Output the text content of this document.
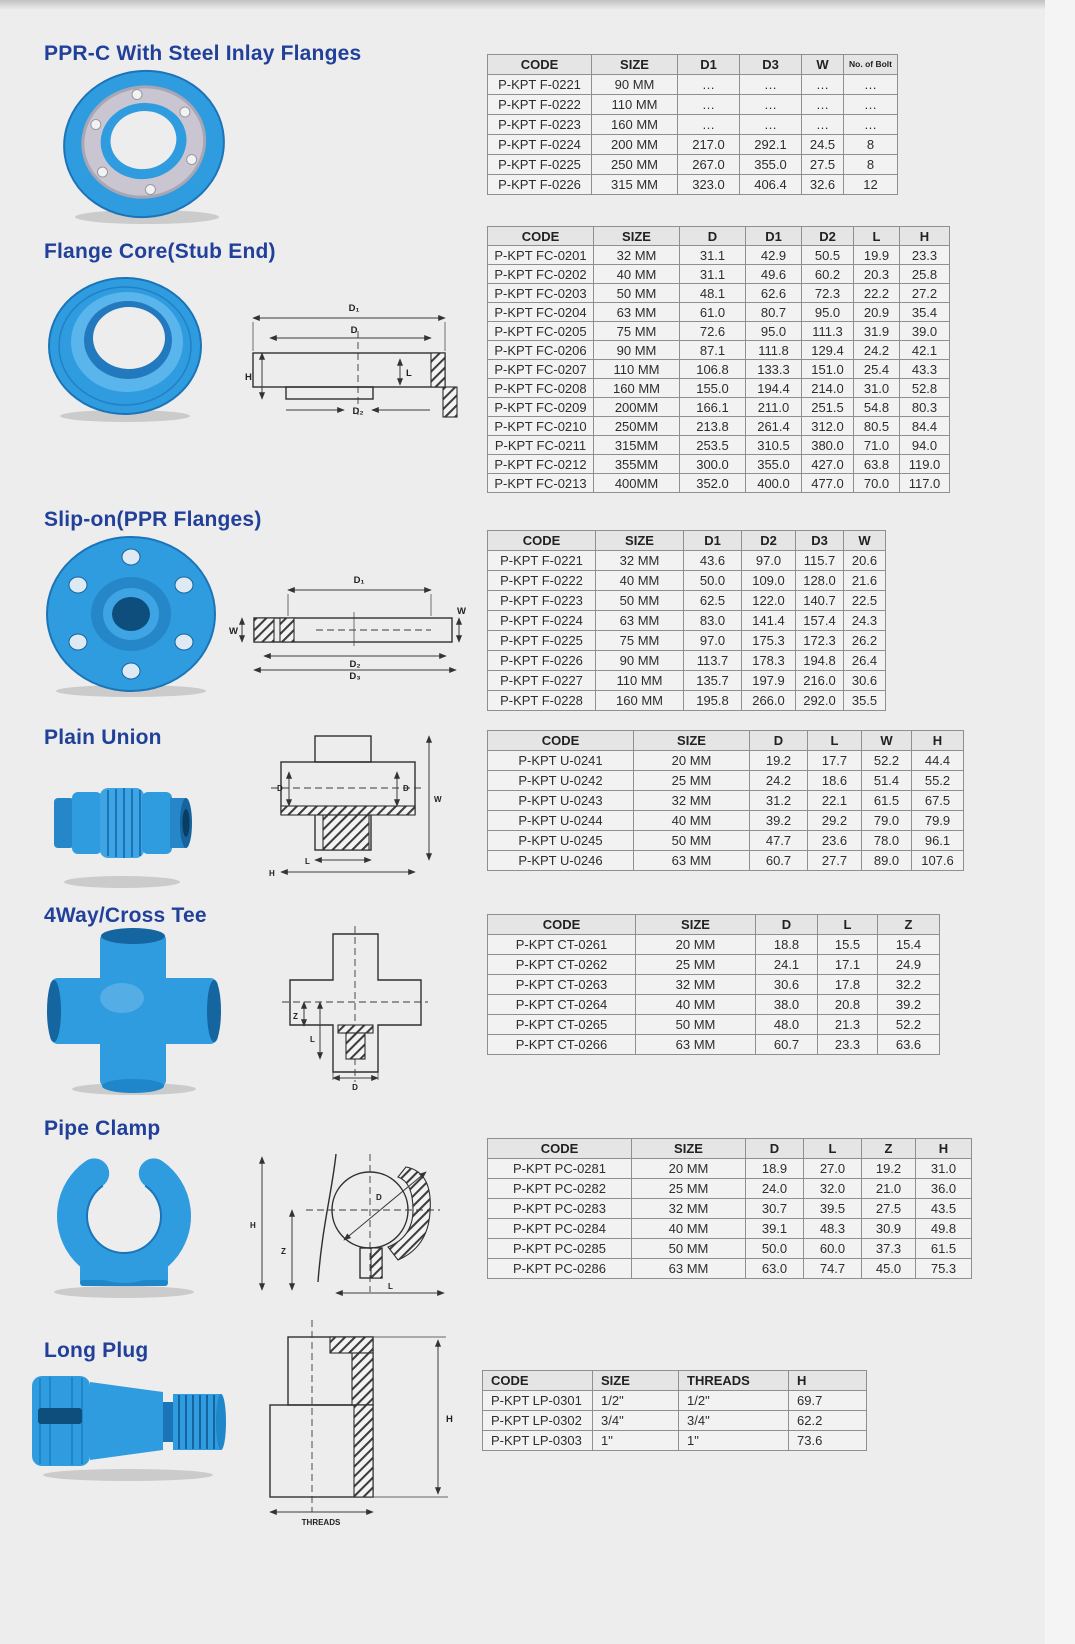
PPR-C With Steel Inlay Flanges	CODE	SIZE	D1	D3	W	No. of Bolt
P-KPT F-0221	90 MM	…	…	…	…
P-KPT F-0222	110 MM	…	…	…	…
P-KPT F-0223	160 MM	…	…	…	…
P-KPT F-0224	200 MM	217.0	292.1	24.5	8
P-KPT F-0225	250 MM	267.0	355.0	27.5	8
P-KPT F-0226	315 MM	323.0	406.4	32.6	12
Flange Core(Stub End)
D₁
D
H	L
D₂
CODE	SIZE	D	D1	D2	L	H
P-KPT FC-0201	32 MM	31.1	42.9	50.5	19.9	23.3
P-KPT FC-0202	40 MM	31.1	49.6	60.2	20.3	25.8
P-KPT FC-0203	50 MM	48.1	62.6	72.3	22.2	27.2
P-KPT FC-0204	63 MM	61.0	80.7	95.0	20.9	35.4
P-KPT FC-0205	75 MM	72.6	95.0	111.3	31.9	39.0
P-KPT FC-0206	90 MM	87.1	111.8	129.4	24.2	42.1
P-KPT FC-0207	110 MM	106.8	133.3	151.0	25.4	43.3
P-KPT FC-0208	160 MM	155.0	194.4	214.0	31.0	52.8
P-KPT FC-0209	200MM	166.1	211.0	251.5	54.8	80.3
P-KPT FC-0210	250MM	213.8	261.4	312.0	80.5	84.4
P-KPT FC-0211	315MM	253.5	310.5	380.0	71.0	94.0
P-KPT FC-0212	355MM	300.0	355.0	427.0	63.8	119.0
P-KPT FC-0213	400MM	352.0	400.0	477.0	70.0	117.0
Slip-on(PPR Flanges)
D₁
W
W
D₂
D₃
CODE	SIZE	D1	D2	D3	W
P-KPT F-0221	32 MM	43.6	97.0	115.7	20.6
P-KPT F-0222	40 MM	50.0	109.0	128.0	21.6
P-KPT F-0223	50 MM	62.5	122.0	140.7	22.5
P-KPT F-0224	63 MM	83.0	141.4	157.4	24.3
P-KPT F-0225	75 MM	97.0	175.3	172.3	26.2
P-KPT F-0226	90 MM	113.7	178.3	194.8	26.4
P-KPT F-0227	110 MM	135.7	197.9	216.0	30.6
P-KPT F-0228	160 MM	195.8	266.0	292.0	35.5
Plain Union
D	D
W
L
H
CODE	SIZE	D	L	W	H
P-KPT U-0241	20 MM	19.2	17.7	52.2	44.4
P-KPT U-0242	25 MM	24.2	18.6	51.4	55.2
P-KPT U-0243	32 MM	31.2	22.1	61.5	67.5
P-KPT U-0244	40 MM	39.2	29.2	79.0	79.9
P-KPT U-0245	50 MM	47.7	23.6	78.0	96.1
P-KPT U-0246	63 MM	60.7	27.7	89.0	107.6
4Way/Cross Tee
Z
L
D
CODE	SIZE	D	L	Z
P-KPT CT-0261	20 MM	18.8	15.5	15.4
P-KPT CT-0262	25 MM	24.1	17.1	24.9
P-KPT CT-0263	32 MM	30.6	17.8	32.2
P-KPT CT-0264	40 MM	38.0	20.8	39.2
P-KPT CT-0265	50 MM	48.0	21.3	52.2
P-KPT CT-0266	63 MM	60.7	23.3	63.6
Pipe Clamp
H
Z
D
L
CODE	SIZE	D	L	Z	H
P-KPT PC-0281	20 MM	18.9	27.0	19.2	31.0
P-KPT PC-0282	25 MM	24.0	32.0	21.0	36.0
P-KPT PC-0283	32 MM	30.7	39.5	27.5	43.5
P-KPT PC-0284	40 MM	39.1	48.3	30.9	49.8
P-KPT PC-0285	50 MM	50.0	60.0	37.3	61.5
P-KPT PC-0286	63 MM	63.0	74.7	45.0	75.3
Long Plug
H
THREADS
CODE	SIZE	THREADS	H
P-KPT LP-0301	1/2"	1/2"	69.7
P-KPT LP-0302	3/4"	3/4"	62.2
P-KPT LP-0303	1"	1"	73.6
